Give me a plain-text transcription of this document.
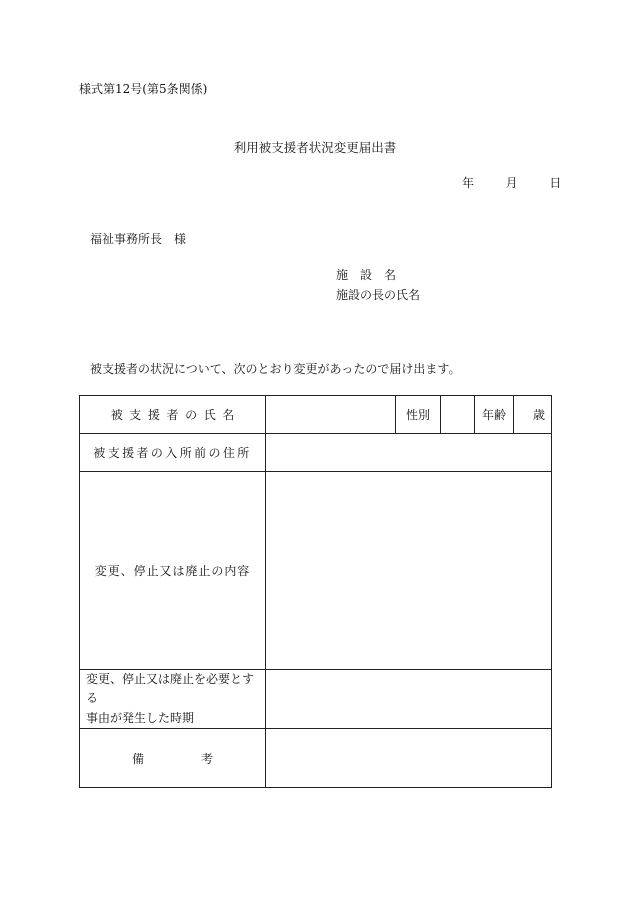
様式第12号(第5条関係)
利用被支援者状況変更届出書
年	月	日
福祉事務所長　様
施　設　名
施設の長の氏名
被支援者の状況について、次のとおり変更があったので届け出ます。
被支援者の氏名		性別		年齢	歳
被支援者の入所前の住所					
変更、停止又は廃止の内容					

変更、停止又は廃止を必要とする
事由が発生した時期					

備 考					
